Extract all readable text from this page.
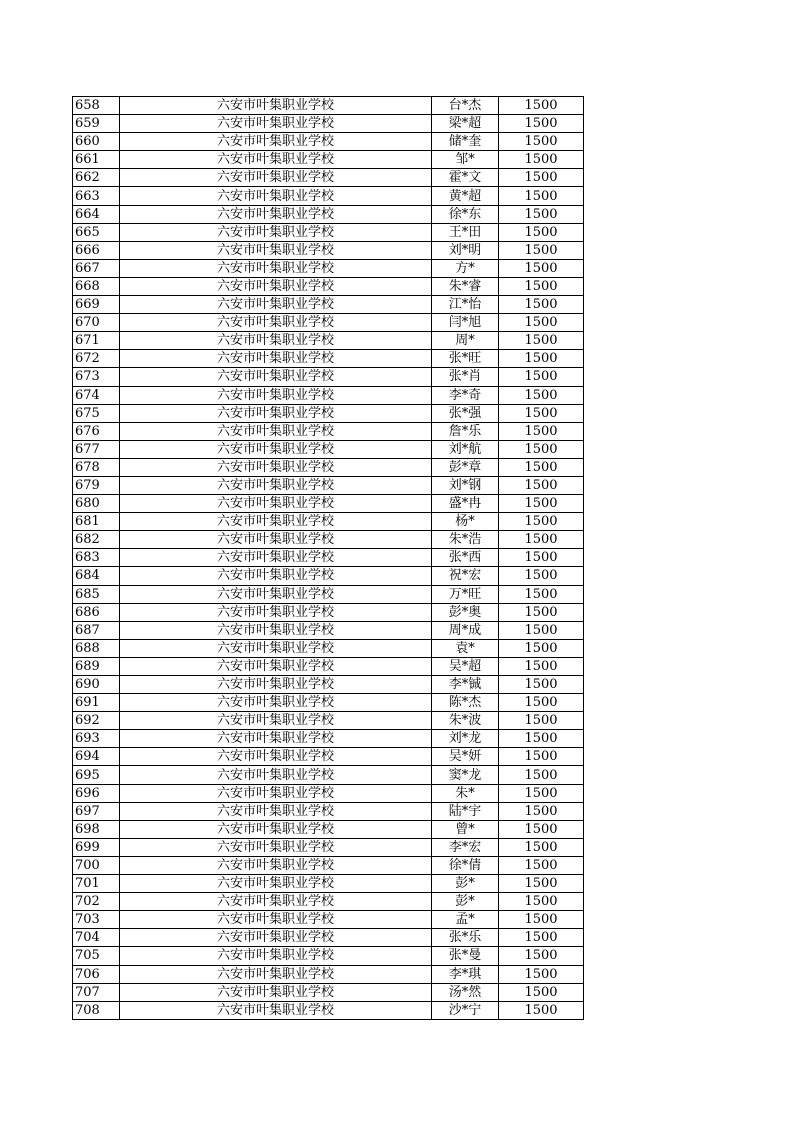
658	六安市叶集职业学校	台*杰	1500
659	六安市叶集职业学校	梁*超	1500
660	六安市叶集职业学校	储*奎	1500
661	六安市叶集职业学校	邹*	1500
662	六安市叶集职业学校	霍*文	1500
663	六安市叶集职业学校	黄*超	1500
664	六安市叶集职业学校	徐*东	1500
665	六安市叶集职业学校	王*田	1500
666	六安市叶集职业学校	刘*明	1500
667	六安市叶集职业学校	方*	1500
668	六安市叶集职业学校	朱*睿	1500
669	六安市叶集职业学校	江*怡	1500
670	六安市叶集职业学校	闫*旭	1500
671	六安市叶集职业学校	周*	1500
672	六安市叶集职业学校	张*旺	1500
673	六安市叶集职业学校	张*肖	1500
674	六安市叶集职业学校	李*奇	1500
675	六安市叶集职业学校	张*强	1500
676	六安市叶集职业学校	詹*乐	1500
677	六安市叶集职业学校	刘*航	1500
678	六安市叶集职业学校	彭*章	1500
679	六安市叶集职业学校	刘*钢	1500
680	六安市叶集职业学校	盛*冉	1500
681	六安市叶集职业学校	杨*	1500
682	六安市叶集职业学校	朱*浩	1500
683	六安市叶集职业学校	张*西	1500
684	六安市叶集职业学校	祝*宏	1500
685	六安市叶集职业学校	万*旺	1500
686	六安市叶集职业学校	彭*奥	1500
687	六安市叶集职业学校	周*成	1500
688	六安市叶集职业学校	袁*	1500
689	六安市叶集职业学校	吴*超	1500
690	六安市叶集职业学校	李*铖	1500
691	六安市叶集职业学校	陈*杰	1500
692	六安市叶集职业学校	朱*波	1500
693	六安市叶集职业学校	刘*龙	1500
694	六安市叶集职业学校	吴*妍	1500
695	六安市叶集职业学校	窦*龙	1500
696	六安市叶集职业学校	朱*	1500
697	六安市叶集职业学校	陆*宇	1500
698	六安市叶集职业学校	曾*	1500
699	六安市叶集职业学校	李*宏	1500
700	六安市叶集职业学校	徐*倩	1500
701	六安市叶集职业学校	彭*	1500
702	六安市叶集职业学校	彭*	1500
703	六安市叶集职业学校	孟*	1500
704	六安市叶集职业学校	张*乐	1500
705	六安市叶集职业学校	张*曼	1500
706	六安市叶集职业学校	李*琪	1500
707	六安市叶集职业学校	汤*然	1500
708	六安市叶集职业学校	沙*宁	1500
